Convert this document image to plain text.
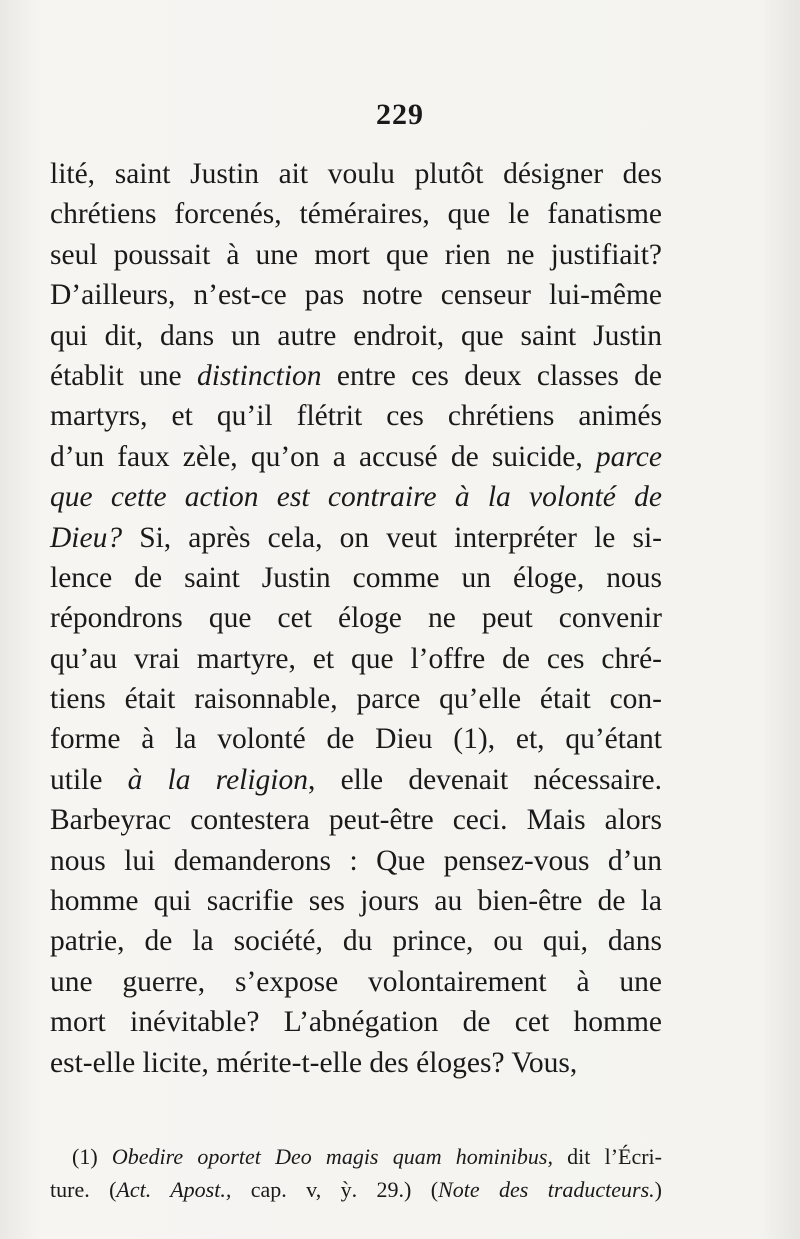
229
lité, saint Justin ait voulu plutôt désigner des
chrétiens forcenés, téméraires, que le fanatisme
seul poussait à une mort que rien ne justifiait?
D’ailleurs, n’est-ce pas notre censeur lui-même
qui dit, dans un autre endroit, que saint Justin
établit une distinction entre ces deux classes de
martyrs, et qu’il flétrit ces chrétiens animés
d’un faux zèle, qu’on a accusé de suicide, parce
que cette action est contraire à la volonté de
Dieu? Si, après cela, on veut interpréter le si-
lence de saint Justin comme un éloge, nous
répondrons que cet éloge ne peut convenir
qu’au vrai martyre, et que l’offre de ces chré-
tiens était raisonnable, parce qu’elle était con-
forme à la volonté de Dieu (1), et, qu’étant
utile à la religion, elle devenait nécessaire.
Barbeyrac contestera peut-être ceci. Mais alors
nous lui demanderons : Que pensez-vous d’un
homme qui sacrifie ses jours au bien-être de la
patrie, de la société, du prince, ou qui, dans
une guerre, s’expose volontairement à une
mort inévitable? L’abnégation de cet homme
est-elle licite, mérite-t-elle des éloges? Vous,
(1) Obedire oportet Deo magis quam hominibus, dit l’Écri-
ture. (Act. Apost., cap. v, ỳ. 29.) (Note des traducteurs.)
